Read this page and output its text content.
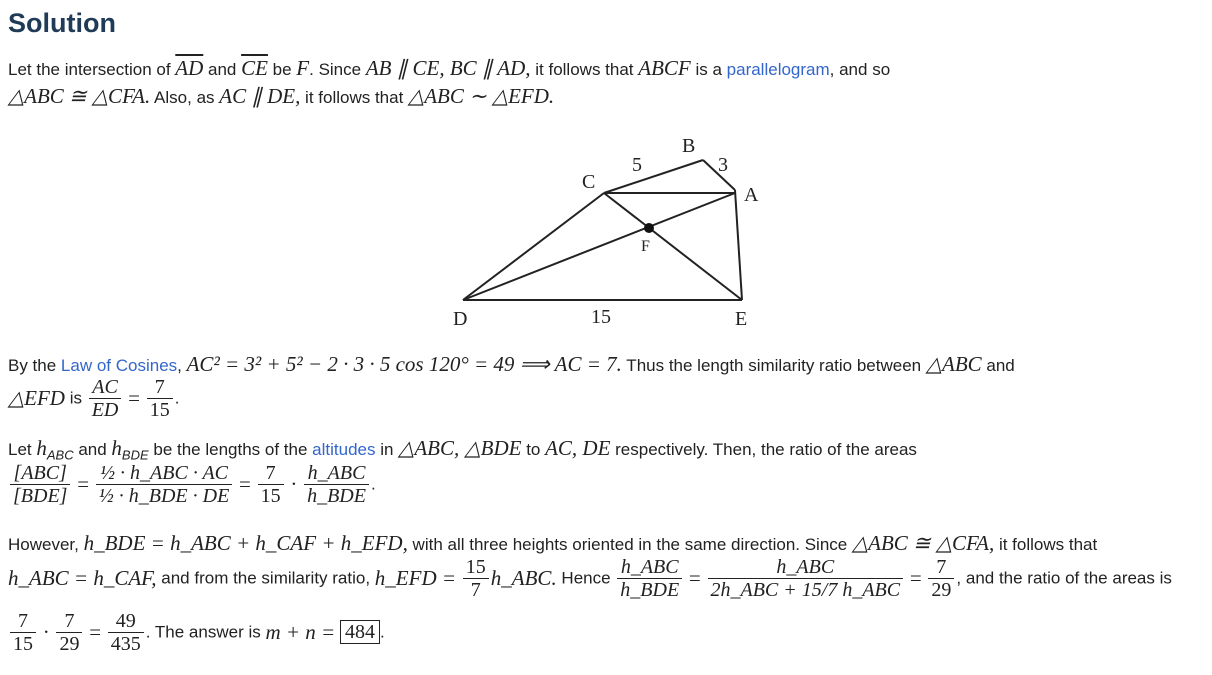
Solution
Let the intersection of $\overline{AD}$ and $\overline{CE}$ be F. Since AB ∥ CE, BC ∥ AD, it follows that ABCF is a parallelogram, and so
△ABC ≅ △CFA. Also, as AC ∥ DE, it follows that △ABC ∼ △EFD.
B
C
A
F
D	E
5	3
15
By the Law of Cosines, AC² = 3² + 5² − 2 · 3 · 5 cos 120° = 49 ⟹ AC = 7. Thus the length similarity ratio between △ABC and
△EFD is $\frac{AC}{ED} = \frac{7}{15}$ .
Let $h_{ABC}$ and $h_{BDE}$ be the lengths of the altitudes in △ABC, △BDE to AC, DE respectively. Then, the ratio of the areas
$\frac{\text{[ABC]}}{\text{[BDE]}} = \frac{\text{½ · h\_ABC · AC}}{\text{½ · h\_BDE · DE}} = \frac{7}{15} \cdot \frac{\text{h\_ABC}}{\text{h\_BDE}}$ .
However, h_BDE = h_ABC + h_CAF + h_EFD, with all three heights oriented in the same direction. Since △ABC ≅ △CFA, it follows that
h_ABC = h_CAF, and from the similarity ratio, h_EFD = $\frac{15}{7}$ h_ABC. Hence $\frac{\text{h\_ABC}}{\text{h\_BDE}} = \frac{\text{h\_ABC}}{\text{2h\_ABC + 15/7 h\_ABC}} = \frac{7}{29}$ , and the ratio of the areas is
$\frac{7}{15} \cdot \frac{7}{29} = \frac{49}{435}$ . The answer is m + n = 484 .
